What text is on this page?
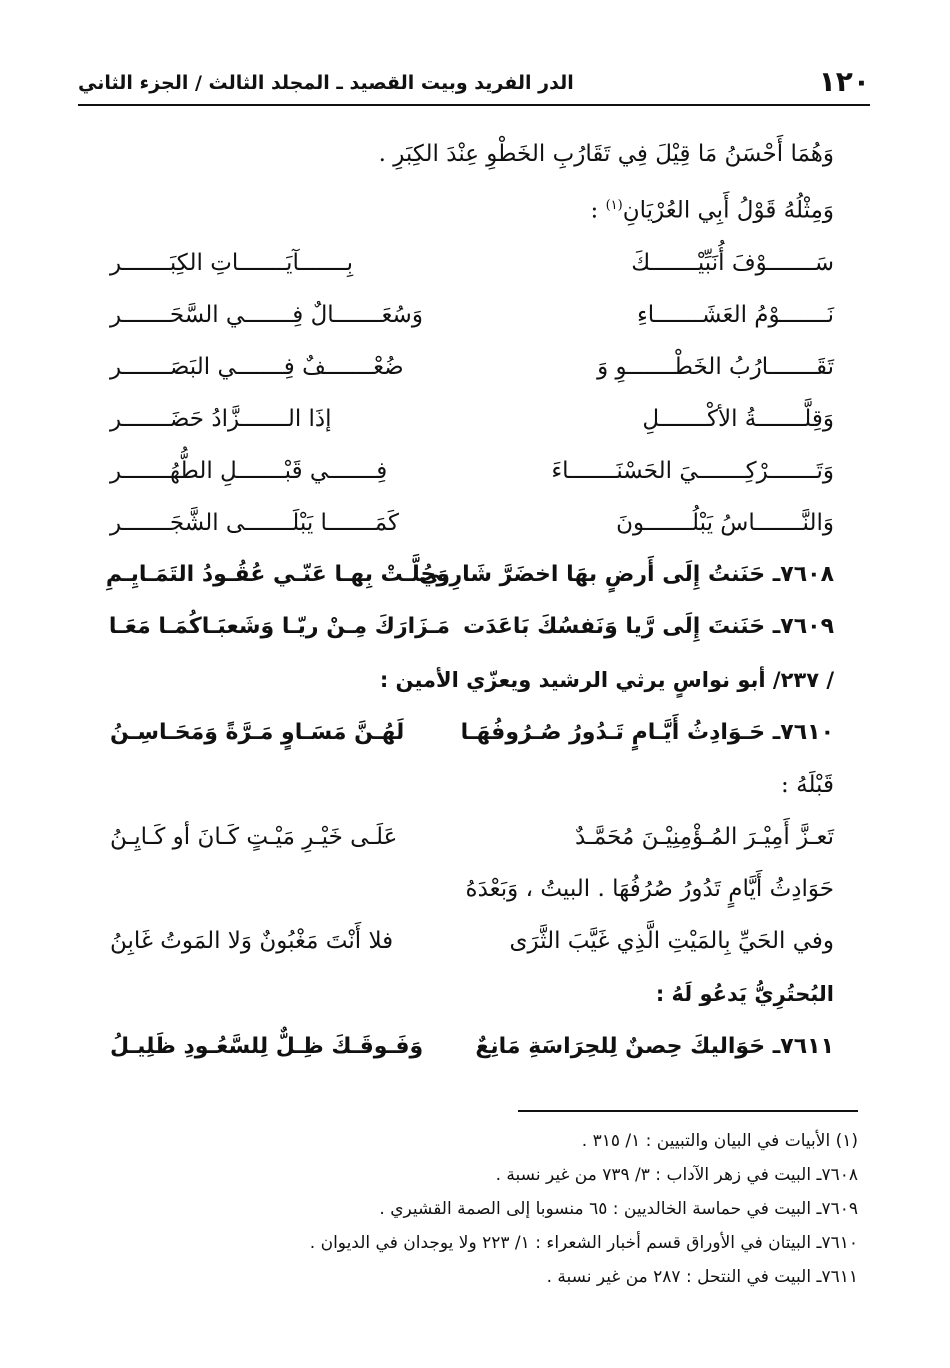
١٢٠
الدر الفريد وبيت القصيد ـ المجلد الثالث / الجزء الثاني
وَهُمَا أَحْسَنُ مَا قِيْلَ فِي تَقَارُبِ الخَطْوِ عِنْدَ الكِبَرِ .
وَمِثْلُهُ قَوْلُ أَبِي العُرْيَانِ$^{(١)}$ :
سَـــــــوْفَ أُنَبِّيْـــــــكَ
بِـــــــآيَـــــــاتِ الكِبَـــــــر
نَـــــــوْمُ العَشَـــــــاءِ
وَسُعَـــــــالٌ فِـــــــي السَّحَـــــــر
تَقَـــــــارُبُ الخَطْـــــــوِ وَ
ضُعْـــــــفٌ فِـــــــي البَصَـــــــر
وَقِلَّـــــــةُ الأكْـــــــلِ
إذَا الـــــــزَّادُ حَضَـــــــر
وَتَـــــــرْكِـــــــيَ الحَسْنَـــــــاءَ
فِـــــــي قَبْـــــــلِ الطُّهُـــــــر
وَالنَّـــــــاسُ يَبْلُـــــــونَ
كَمَـــــــا يَبْلَـــــــى الشَّجَـــــــر
٧٦٠٨ـ حَنَنتُ إِلَى أَرضٍ بهَا اخضَرَّ شَارِبي
وَحُلَّـتْ بِهـا عَنّـي عُقُـودُ التَمَـايِـمِ
٧٦٠٩ـ حَنَنتَ إِلَى رَّيا وَنَفسُكَ بَاعَدَت
مَـزَارَكَ مِـنْ ريّـا وَشَعبَـاكُمَـا مَعَـا
/ ٢٣٧/ أبو نواسٍ يرثي الرشيد ويعزّي الأمين :
٧٦١٠ـ حَـوَادِثُ أَيَّـامٍ تَـدُورُ صُـرُوفُهَـا
لَهُـنَّ مَسَـاوٍ مَـرَّةً وَمَحَـاسِـنُ
قَبْلَهُ :
تَعـزَّ أَمِيْـرَ المُـؤْمِنِيْـنَ مُحَمَّـدٌ
عَلَـى خَيْـرِ مَيْـتٍ كَـانَ أو كَـايِـنُ
حَوَادِثُ أَيَّامٍ تَدُورُ صُرُفُهَا . البيتُ ، وَبَعْدَهُ
وفي الحَيِّ بِالمَيْتِ الَّذِي غَيَّبَ الثَّرَى
فلا أَنْتَ مَغْبُونٌ وَلا المَوتُ غَابِنُ
البُحتُرِيُّ يَدعُو لَهُ :
٧٦١١ـ حَوَاليكَ حِصنٌ لِلحِرَاسَةِ مَانِعٌ
وَفَـوقَـكَ ظِـلٌّ لِلسَّعُـودِ ظَلِيـلُ
(١) الأبيات في البيان والتبيين : ١/ ٣١٥ .
٧٦٠٨ـ البيت في زهر الآداب : ٣/ ٧٣٩ من غير نسبة .
٧٦٠٩ـ البيت في حماسة الخالديين : ٦٥ منسوبا إلى الصمة القشيري .
٧٦١٠ـ البيتان في الأوراق قسم أخبار الشعراء : ١/ ٢٢٣ ولا يوجدان في الديوان .
٧٦١١ـ البيت في النتحل : ٢٨٧ من غير نسبة .
